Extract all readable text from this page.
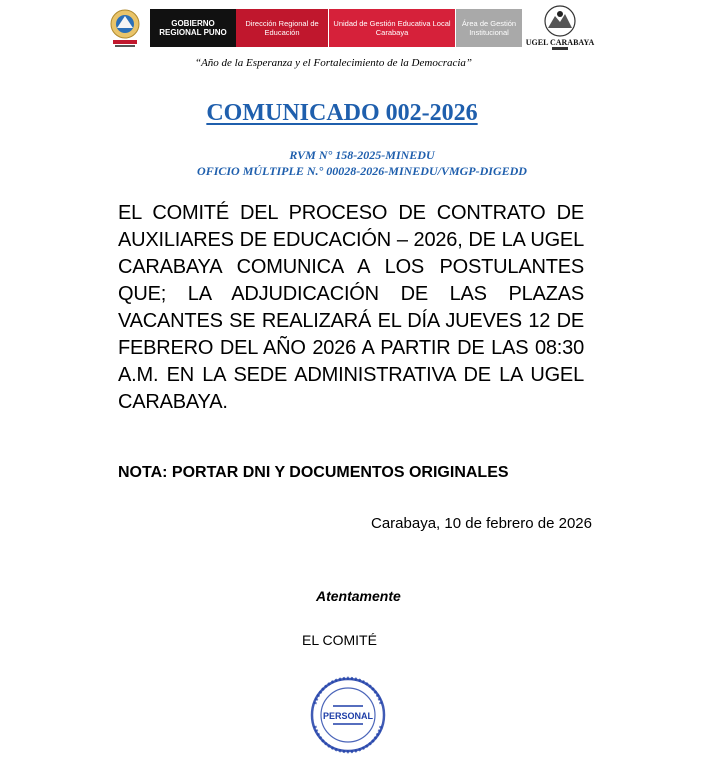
GOBIERNO REGIONAL PUNO
Dirección Regional de Educación
Unidad de Gestión Educativa Local Carabaya
Área de Gestión Institucional
UGEL CARABAYA
“Año de la Esperanza y el Fortalecimiento de la Democracia”
COMUNICADO 002-2026
RVM N° 158-2025-MINEDU
OFICIO MÚLTIPLE N.° 00028-2026-MINEDU/VMGP-DIGEDD

EL COMITÉ DEL PROCESO DE CONTRATO DE AUXILIARES DE EDUCACIÓN – 2026, DE LA UGEL CARABAYA COMUNICA A LOS POSTULANTES QUE; LA ADJUDICACIÓN DE LAS PLAZAS VACANTES SE REALIZARÁ EL DÍA JUEVES 12 DE FEBRERO DEL AÑO 2026 A PARTIR DE LAS 08:30 A.M. EN LA SEDE ADMINISTRATIVA DE LA UGEL CARABAYA.

NOTA: PORTAR DNI Y DOCUMENTOS ORIGINALES
Carabaya, 10 de febrero de 2026
Atentamente
EL COMITÉ
PERSONAL
